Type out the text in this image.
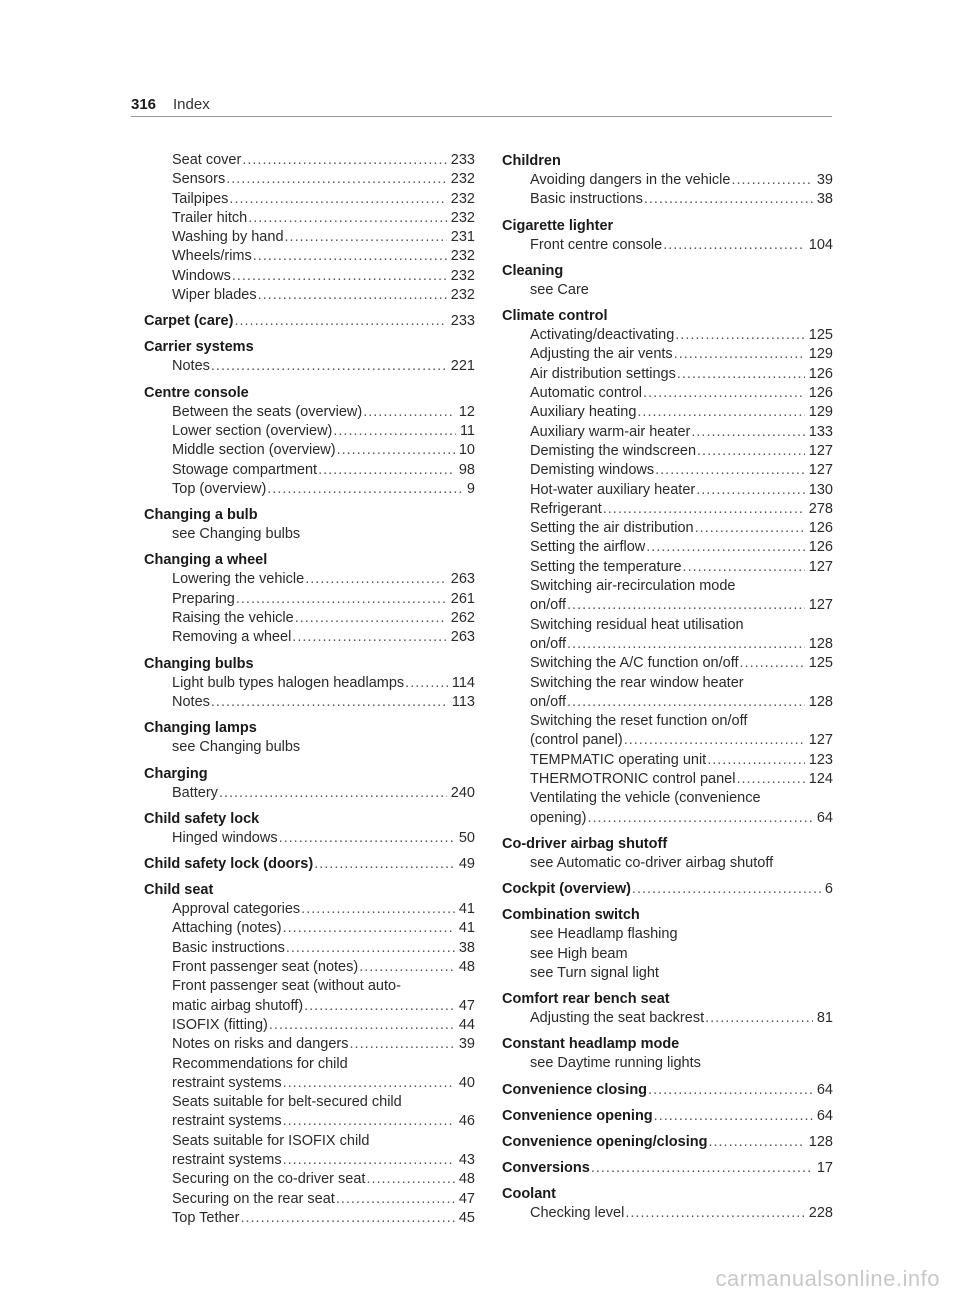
316 Index
Seat cover .....	233
Sensors .....	232
Tailpipes .....	232
Trailer hitch .....	232
Washing by hand .....	231
Wheels/rims .....	232
Windows .....	232
Wiper blades .....	232
Carpet (care) .....	233
Carrier systems
Notes .....	221
Centre console
Between the seats (overview) .....	12
Lower section (overview) .....	11
Middle section (overview) .....	10
Stowage compartment .....	98
Top (overview) .....	9
Changing a bulb
see Changing bulbs
Changing a wheel
Lowering the vehicle .....	263
Preparing .....	261
Raising the vehicle .....	262
Removing a wheel .....	263
Changing bulbs
Light bulb types halogen headlamps .....	114
Notes .....	113
Changing lamps
see Changing bulbs
Charging
Battery .....	240
Child safety lock
Hinged windows .....	50
Child safety lock (doors) .....	49
Child seat
Approval categories .....	41
Attaching (notes) .....	41
Basic instructions .....	38
Front passenger seat (notes) .....	48
Front passenger seat (without auto-
matic airbag shutoff) .....	47
ISOFIX (fitting) .....	44
Notes on risks and dangers .....	39
Recommendations for child
restraint systems .....	40
Seats suitable for belt-secured child
restraint systems .....	46
Seats suitable for ISOFIX child
restraint systems .....	43
Securing on the co-driver seat .....	48
Securing on the rear seat .....	47
Top Tether .....	45
Children
Avoiding dangers in the vehicle .....	39
Basic instructions .....	38
Cigarette lighter
Front centre console .....	104
Cleaning
see Care
Climate control
Activating/deactivating .....	125
Adjusting the air vents .....	129
Air distribution settings .....	126
Automatic control .....	126
Auxiliary heating .....	129
Auxiliary warm-air heater .....	133
Demisting the windscreen .....	127
Demisting windows .....	127
Hot-water auxiliary heater .....	130
Refrigerant .....	278
Setting the air distribution .....	126
Setting the airflow .....	126
Setting the temperature .....	127
Switching air-recirculation mode
on/off .....	127
Switching residual heat utilisation
on/off .....	128
Switching the A/C function on/off .....	125
Switching the rear window heater
on/off .....	128
Switching the reset function on/off
(control panel) .....	127
TEMPMATIC operating unit .....	123
THERMOTRONIC control panel .....	124
Ventilating the vehicle (convenience
opening) .....	64
Co-driver airbag shutoff
see Automatic co-driver airbag shutoff
Cockpit (overview) .....	6
Combination switch
see Headlamp flashing
see High beam
see Turn signal light
Comfort rear bench seat
Adjusting the seat backrest .....	81
Constant headlamp mode
see Daytime running lights
Convenience closing .....	64
Convenience opening .....	64
Convenience opening/closing .....	128
Conversions .....	17
Coolant
Checking level .....	228
carmanualsonline.info
